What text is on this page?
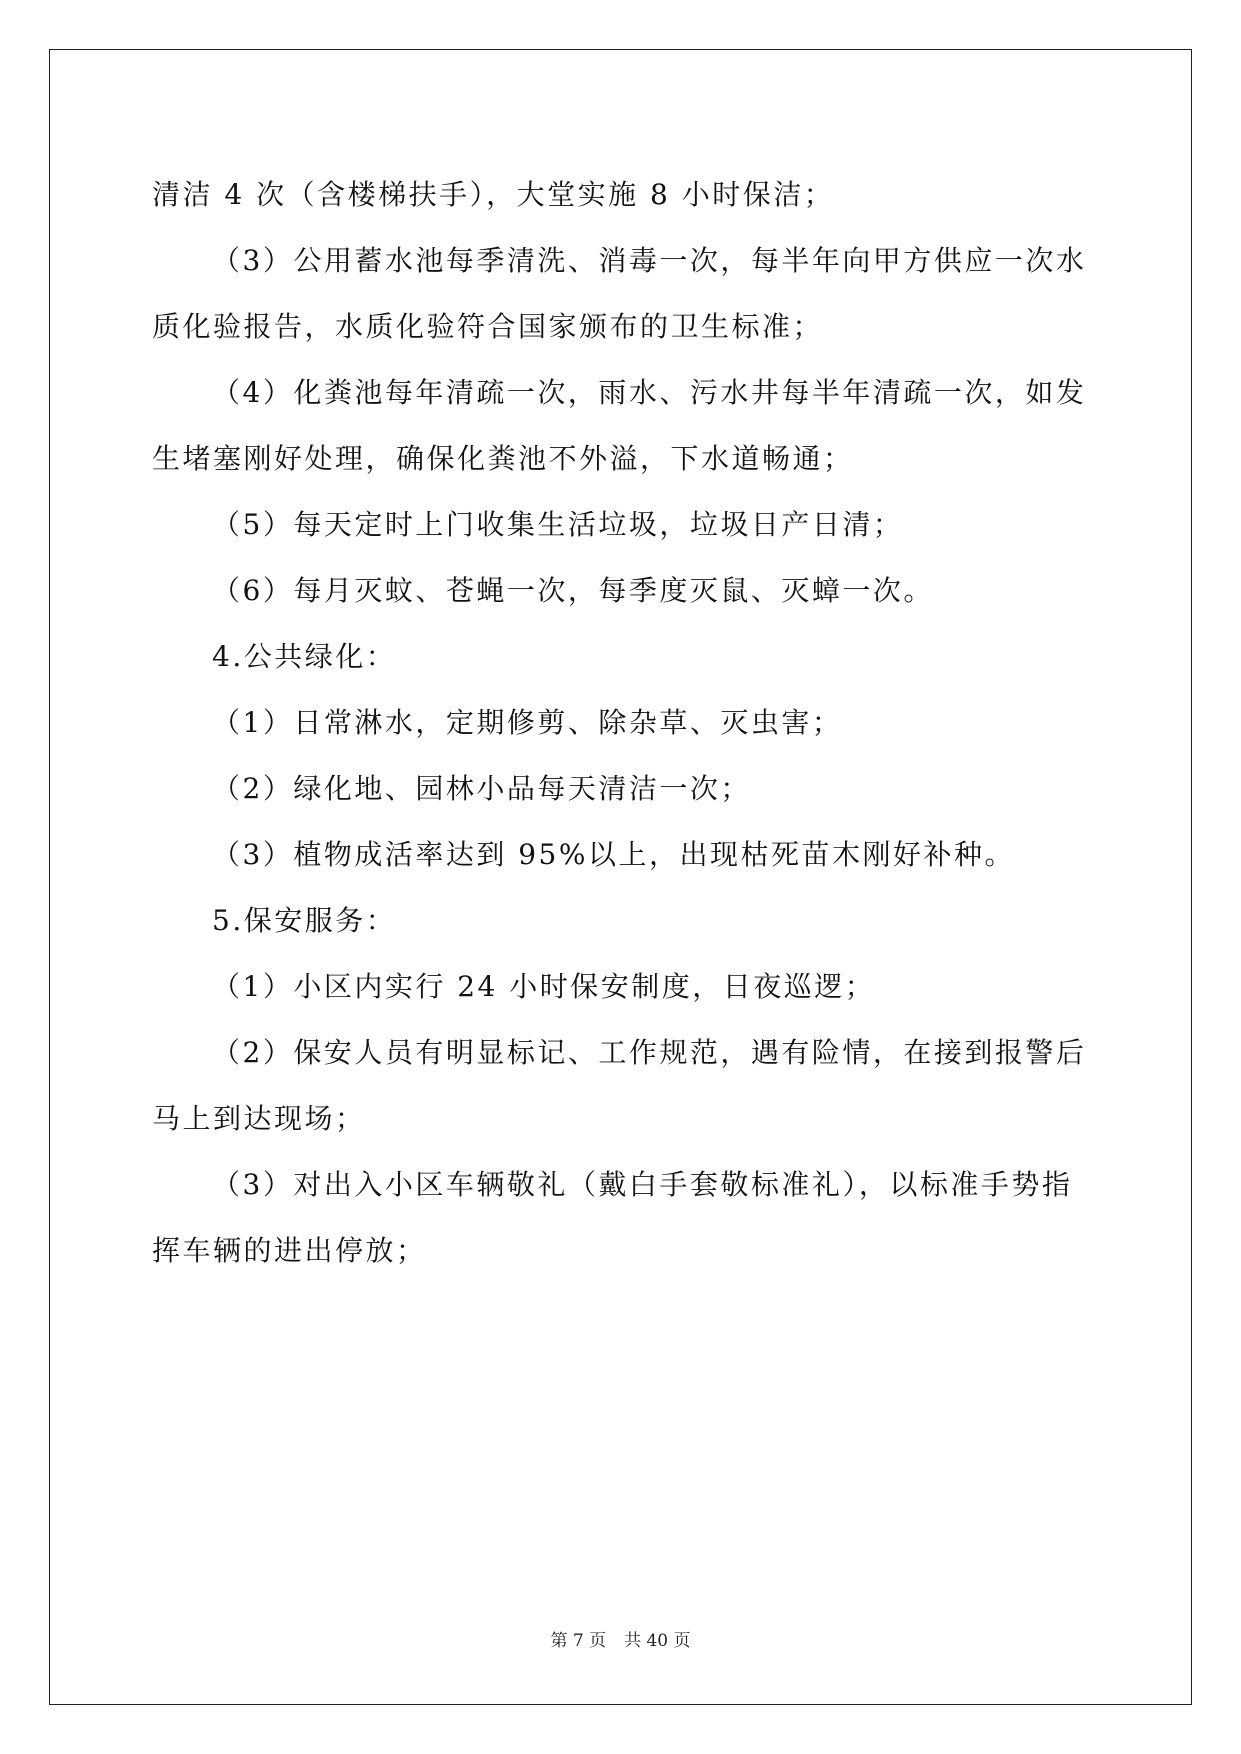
清洁 4 次（含楼梯扶手），大堂实施 8 小时保洁；
（3）公用蓄水池每季清洗、消毒一次，每半年向甲方供应一次水
质化验报告，水质化验符合国家颁布的卫生标准；
（4）化粪池每年清疏一次，雨水、污水井每半年清疏一次，如发
生堵塞刚好处理，确保化粪池不外溢，下水道畅通；
（5）每天定时上门收集生活垃圾，垃圾日产日清；
（6）每月灭蚊、苍蝇一次，每季度灭鼠、灭蟑一次。
4.公共绿化：
（1）日常淋水，定期修剪、除杂草、灭虫害；
（2）绿化地、园林小品每天清洁一次；
（3）植物成活率达到 95%以上，出现枯死苗木刚好补种。
5.保安服务：
（1）小区内实行 24 小时保安制度，日夜巡逻；
（2）保安人员有明显标记、工作规范，遇有险情，在接到报警后
马上到达现场；
（3）对出入小区车辆敬礼（戴白手套敬标准礼），以标准手势指
挥车辆的进出停放；
第 7 页 共 40 页
